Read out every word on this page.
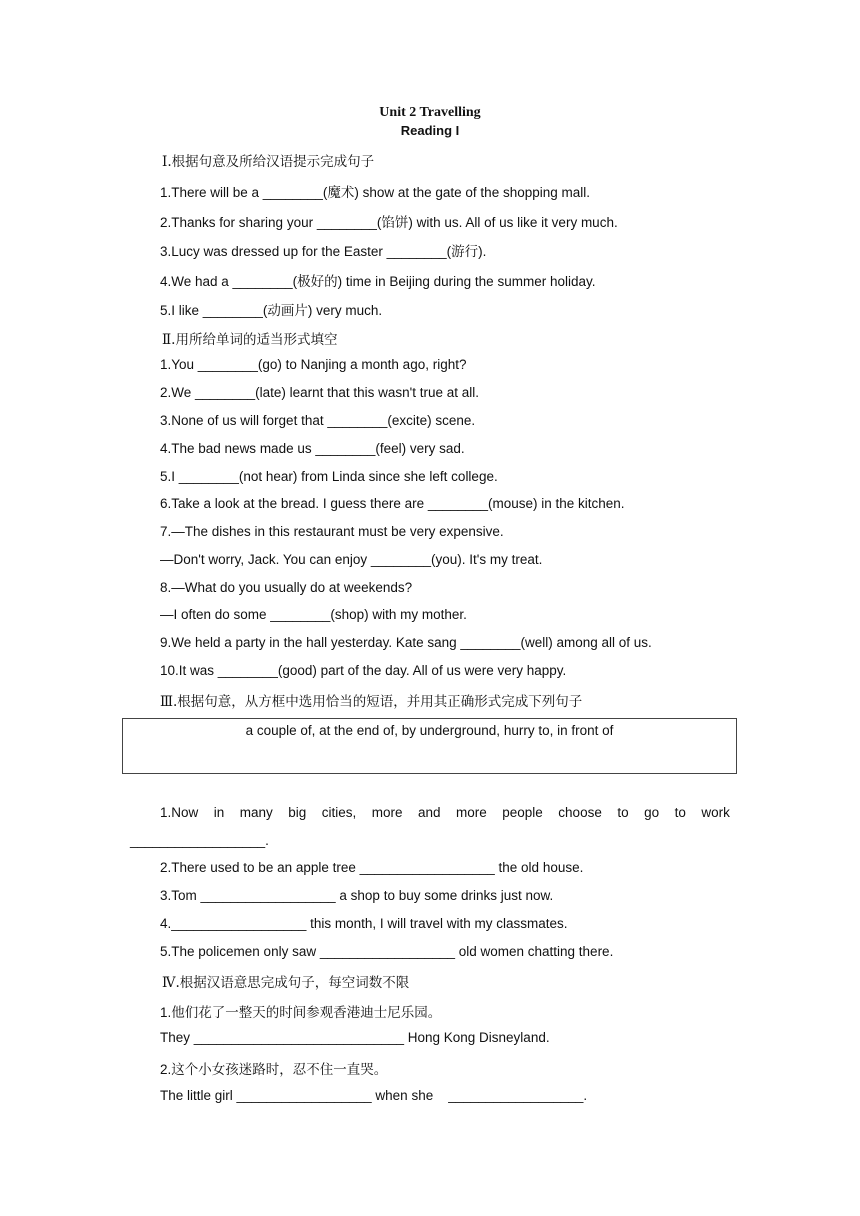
Unit 2 Travelling
Reading I
Ⅰ.根据句意及所给汉语提示完成句子
1.There will be a ________(魔术) show at the gate of the shopping mall.
2.Thanks for sharing your ________(馅饼) with us. All of us like it very much.
3.Lucy was dressed up for the Easter ________(游行).
4.We had a ________(极好的) time in Beijing during the summer holiday.
5.I like ________(动画片) very much.
Ⅱ.用所给单词的适当形式填空
1.You ________(go) to Nanjing a month ago, right?
2.We ________(late) learnt that this wasn't true at all.
3.None of us will forget that ________(excite) scene.
4.The bad news made us ________(feel) very sad.
5.I ________(not hear) from Linda since she left college.
6.Take a look at the bread. I guess there are ________(mouse) in the kitchen.
7.—The dishes in this restaurant must be very expensive.
—Don't worry, Jack. You can enjoy ________(you). It's my treat.
8.—What do you usually do at weekends?
—I often do some ________(shop) with my mother.
9.We held a party in the hall yesterday. Kate sang ________(well) among all of us.
10.It was ________(good) part of the day. All of us were very happy.
Ⅲ.根据句意，从方框中选用恰当的短语，并用其正确形式完成下列句子
a couple of, at the end of, by underground, hurry to, in front of
1.Now in many big cities, more and more people choose to go to work
__________________.
2.There used to be an apple tree __________________ the old house.
3.Tom __________________ a shop to buy some drinks just now.
4.__________________ this month, I will travel with my classmates.
5.The policemen only saw __________________ old women chatting there.
Ⅳ.根据汉语意思完成句子，每空词数不限
1.他们花了一整天的时间参观香港迪士尼乐园。
They ____________________________ Hong Kong Disneyland.
2.这个小女孩迷路时，忍不住一直哭。
The little girl __________________ when she    __________________.
